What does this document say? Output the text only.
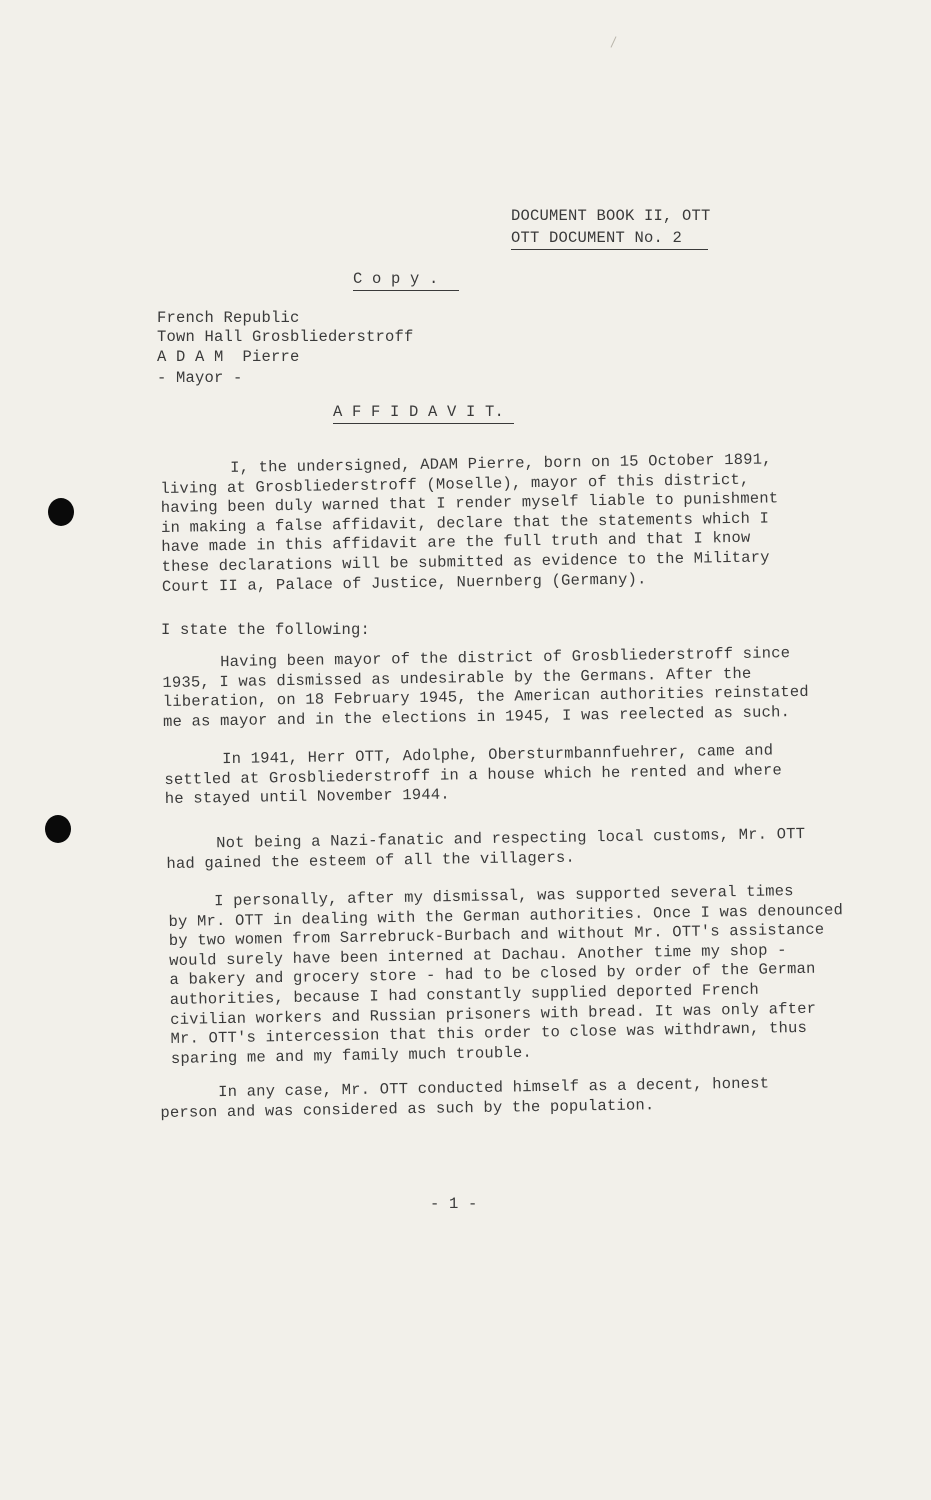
DOCUMENT BOOK II, OTT
OTT DOCUMENT No. 2
C o p y .
French Republic
Town Hall Grosbliederstroff
A D A M  Pierre
- Mayor -
A F F I D A V I T.
I, the undersigned, ADAM Pierre, born on 15 October 1891,
living at Grosbliederstroff (Moselle), mayor of this district,
having been duly warned that I render myself liable to punishment
in making a false affidavit, declare that the statements which I
have made in this affidavit are the full truth and that I know
these declarations will be submitted as evidence to the Military
Court II a, Palace of Justice, Nuernberg (Germany).
I state the following:
Having been mayor of the district of Grosbliederstroff since
1935, I was dismissed as undesirable by the Germans. After the
liberation, on 18 February 1945, the American authorities reinstated
me as mayor and in the elections in 1945, I was reelected as such.
In 1941, Herr OTT, Adolphe, Obersturmbannfuehrer, came and
settled at Grosbliederstroff in a house which he rented and where
he stayed until November 1944.
Not being a Nazi-fanatic and respecting local customs, Mr. OTT
had gained the esteem of all the villagers.
I personally, after my dismissal, was supported several times
by Mr. OTT in dealing with the German authorities. Once I was denounced
by two women from Sarrebruck-Burbach and without Mr. OTT's assistance
would surely have been interned at Dachau. Another time my shop -
a bakery and grocery store - had to be closed by order of the German
authorities, because I had constantly supplied deported French
civilian workers and Russian prisoners with bread. It was only after
Mr. OTT's intercession that this order to close was withdrawn, thus
sparing me and my family much trouble.
In any case, Mr. OTT conducted himself as a decent, honest
person and was considered as such by the population.
- 1 -
